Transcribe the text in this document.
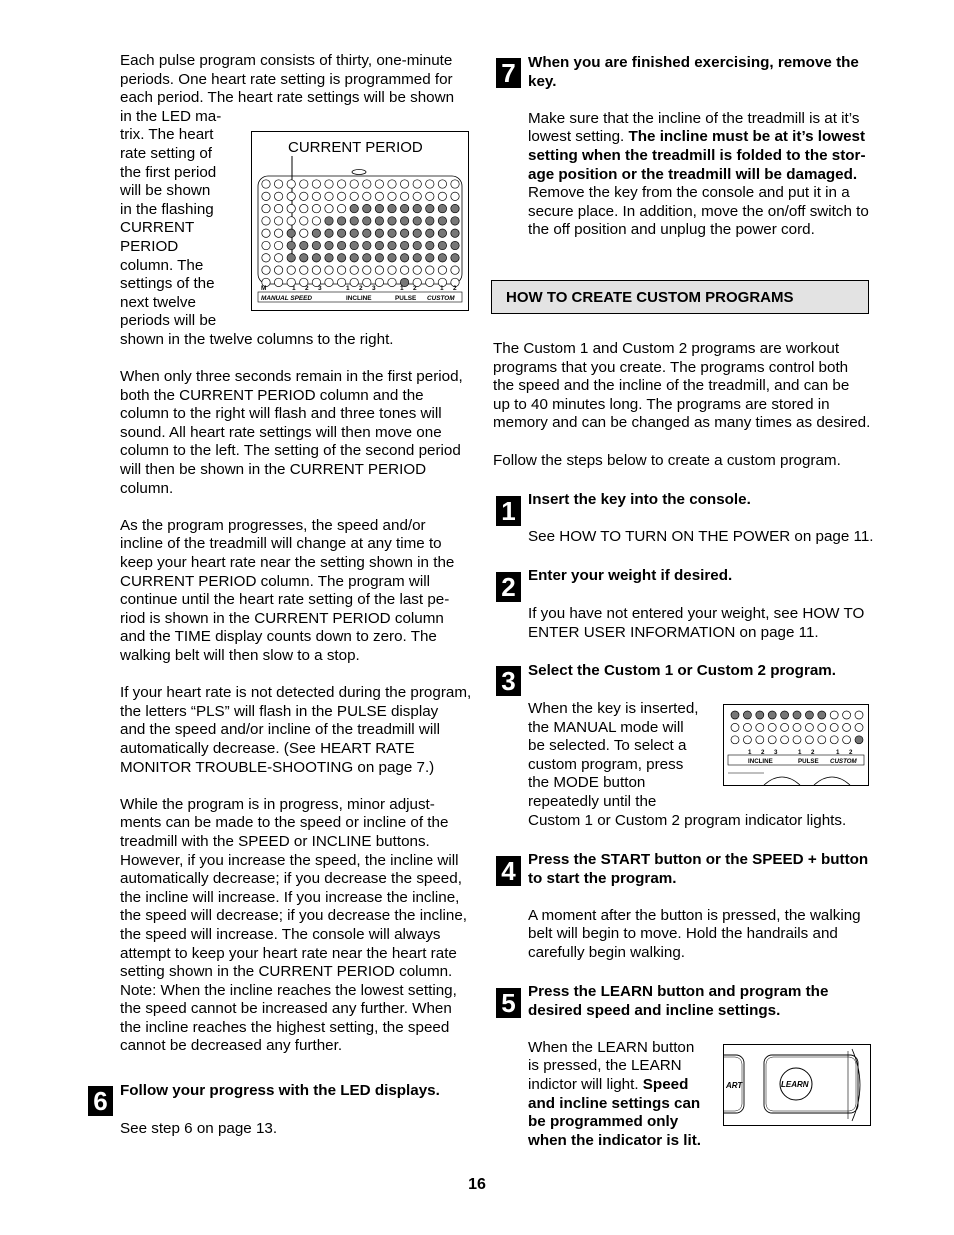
Each pulse program consists of thirty, one-minute

periods. One heart rate setting is programmed for

each period. The heart rate settings will be shown

in the LED ma-

trix. The heart

rate setting of

the first period

will be shown

in the flashing

CURRENT

PERIOD

column. The

settings of the

next twelve

periods will be

shown in the twelve columns to the right.

When only three seconds remain in the first period,

both the CURRENT PERIOD column and the

column to the right will flash and three tones will

sound. All heart rate settings will then move one

column to the left. The setting of the second period

will then be shown in the CURRENT PERIOD

column.

As the program progresses, the speed and/or

incline of the treadmill will change at any time to

keep your heart rate near the setting shown in the

CURRENT PERIOD column. The program will

continue until the heart rate setting of the last pe-

riod is shown in the CURRENT PERIOD column

and the TIME display counts down to zero. The

walking belt will then slow to a stop.

If your heart rate is not detected during the program,

the letters “PLS” will flash in the PULSE display

and the speed and/or incline of the treadmill will

automatically decrease. (See HEART RATE

MONITOR TROUBLE-SHOOTING on page 7.)

While the program is in progress, minor adjust-

ments can be made to the speed or incline of the

treadmill with the SPEED or INCLINE buttons.

However, if you increase the speed, the incline will

automatically decrease; if you decrease the speed,

the incline will increase. If you increase the incline,

the speed will decrease; if you decrease the incline,

the speed will increase. The console will always

attempt to keep your heart rate near the heart rate

setting shown in the CURRENT PERIOD column.

Note: When the incline reaches the lowest setting,

the speed cannot be increased any further. When

the incline reaches the highest setting, the speed

cannot be decreased any further.

6 Follow your progress with the LED displays.

See step 6 on page 13.

CURRENT PERIOD
M	1 2 3	1 2 3	1 2	1 2
MANUAL SPEED	INCLINE	PULSE CUSTOM
7 When you are finished exercising, remove the

key.

Make sure that the incline of the treadmill is at it’s

lowest setting. The incline must be at it’s lowest

setting when the treadmill is folded to the stor-

age position or the treadmill will be damaged.

Remove the key from the console and put it in a

secure place. In addition, move the on/off switch to

the off position and unplug the power cord.

HOW TO CREATE CUSTOM PROGRAMS

The Custom 1 and Custom 2 programs are workout

programs that you create. The programs control both

the speed and the incline of the treadmill, and can be

up to 40 minutes long. The programs are stored in

memory and can be changed as many times as desired.

Follow the steps below to create a custom program.

1 Insert the key into the console.

See HOW TO TURN ON THE POWER on page 11.

2 Enter your weight if desired.

If you have not entered your weight, see HOW TO

ENTER USER INFORMATION on page 11.

3 Select the Custom 1 or Custom 2 program.

When the key is inserted,

the MANUAL mode will

be selected. To select a

custom program, press

the MODE button

repeatedly until the

Custom 1 or Custom 2 program indicator lights.

1 2 3	1 2	1 2
INCLINE	PULSE CUSTOM
4 Press the START button or the SPEED + button

to start the program.

A moment after the button is pressed, the walking

belt will begin to move. Hold the handrails and

carefully begin walking.

5 Press the LEARN button and program the

desired speed and incline settings.

When the LEARN button

is pressed, the LEARN

indictor will light. Speed

and incline settings can

be programmed only

when the indicator is lit.

ART	LEARN

16
